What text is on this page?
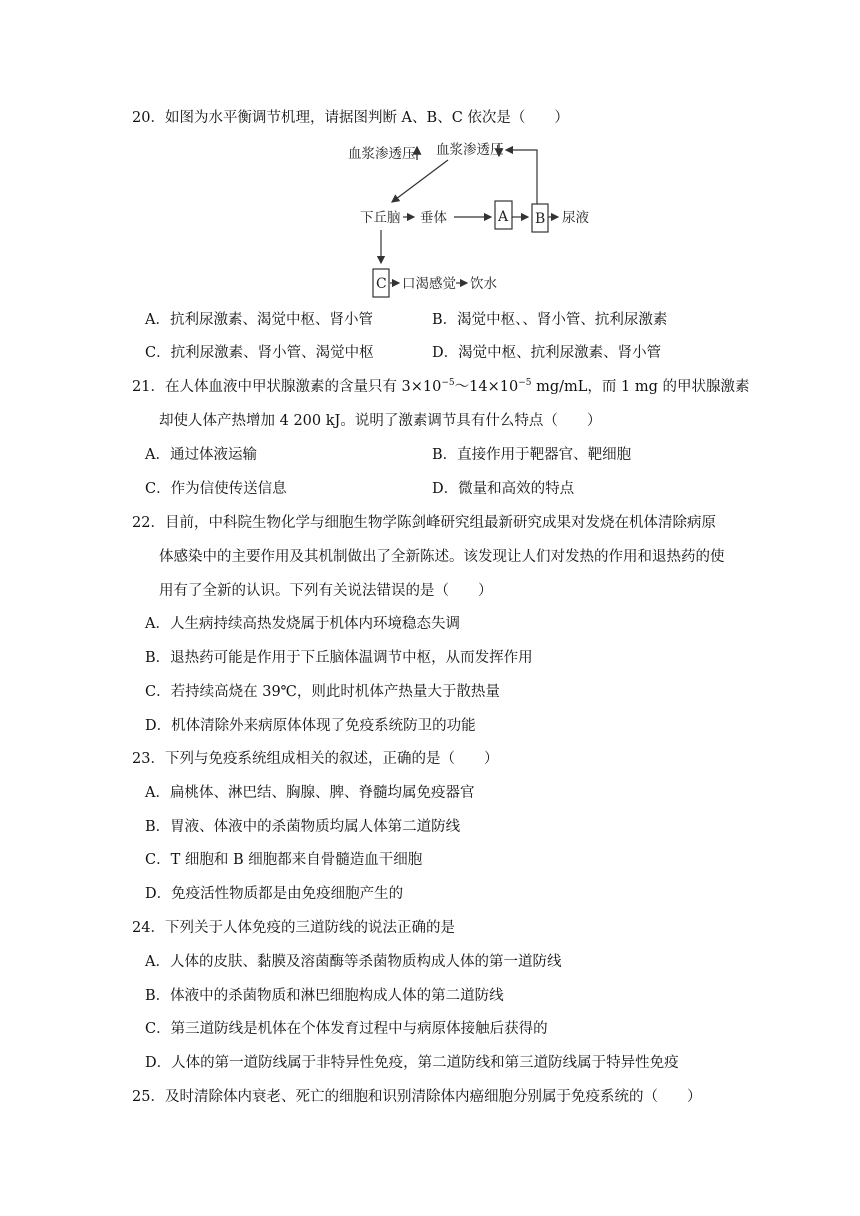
20．如图为水平衡调节机理，请据图判断 A、B、C 依次是（　　）
血浆渗透压 血浆渗透压
下丘脑 垂体	A B 尿液
C 口渴感觉 饮水
A．抗利尿激素、渴觉中枢、肾小管	B．渴觉中枢、、肾小管、抗利尿激素
C．抗利尿激素、肾小管、渴觉中枢	D．渴觉中枢、抗利尿激素、肾小管
21．在人体血液中甲状腺激素的含量只有 $3\times 10^{-5}\sim 14\times 10^{-5}$ mg/mL，而 1 mg 的甲状腺激素
却使人体产热增加 4 200 kJ。说明了激素调节具有什么特点（　　）
A．通过体液运输	B．直接作用于靶器官、靶细胞
C．作为信使传送信息	D．微量和高效的特点
22．目前，中科院生物化学与细胞生物学陈剑峰研究组最新研究成果对发烧在机体清除病原
体感染中的主要作用及其机制做出了全新陈述。该发现让人们对发热的作用和退热药的使
用有了全新的认识。下列有关说法错误的是（　　）
A．人生病持续高热发烧属于机体内环境稳态失调
B．退热药可能是作用于下丘脑体温调节中枢，从而发挥作用
C．若持续高烧在 39℃，则此时机体产热量大于散热量
D．机体清除外来病原体体现了免疫系统防卫的功能
23．下列与免疫系统组成相关的叙述，正确的是（　　）
A．扁桃体、淋巴结、胸腺、脾、脊髓均属免疫器官
B．胃液、体液中的杀菌物质均属人体第二道防线
C．T 细胞和 B 细胞都来自骨髓造血干细胞
D．免疫活性物质都是由免疫细胞产生的
24．下列关于人体免疫的三道防线的说法正确的是
A．人体的皮肤、黏膜及溶菌酶等杀菌物质构成人体的第一道防线
B．体液中的杀菌物质和淋巴细胞构成人体的第二道防线
C．第三道防线是机体在个体发育过程中与病原体接触后获得的
D．人体的第一道防线属于非特异性免疫，第二道防线和第三道防线属于特异性免疫
25．及时清除体内衰老、死亡的细胞和识别清除体内癌细胞分别属于免疫系统的（　　）
